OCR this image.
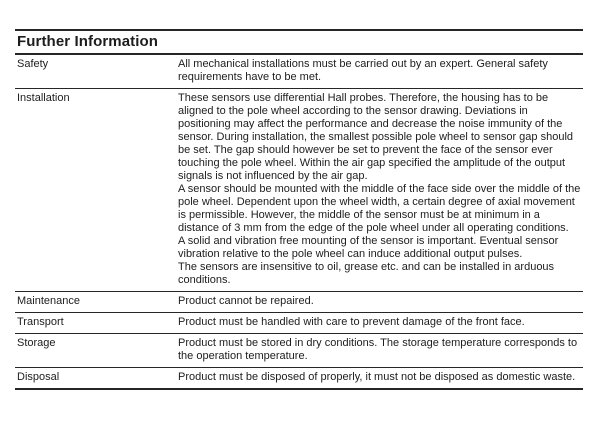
Further Information
Safety	All mechanical installations must be carried out by an expert. General safety requirements have to be met.
Installation	These sensors use differential Hall probes. Therefore, the housing has to be aligned to the pole wheel according to the sensor drawing. Deviations in positioning may affect the performance and decrease the noise immunity of the sensor. During installation, the smallest possible pole wheel to sensor gap should be set. The gap should however be set to prevent the face of the sensor ever touching the pole wheel. Within the air gap specified the amplitude of the output signals is not influenced by the air gap.
A sensor should be mounted with the middle of the face side over the middle of the pole wheel. Dependent upon the wheel width, a certain degree of axial movement is permissible. However, the middle of the sensor must be at minimum in a distance of 3 mm from the edge of the pole wheel under all operating conditions.
A solid and vibration free mounting of the sensor is important. Eventual sensor vibration relative to the pole wheel can induce additional output pulses.
The sensors are insensitive to oil, grease etc. and can be installed in arduous conditions.
Maintenance	Product cannot be repaired.
Transport	Product must be handled with care to prevent damage of the front face.
Storage	Product must be stored in dry conditions. The storage temperature corresponds to the operation temperature.
Disposal	Product must be disposed of properly, it must not be disposed as domestic waste.
